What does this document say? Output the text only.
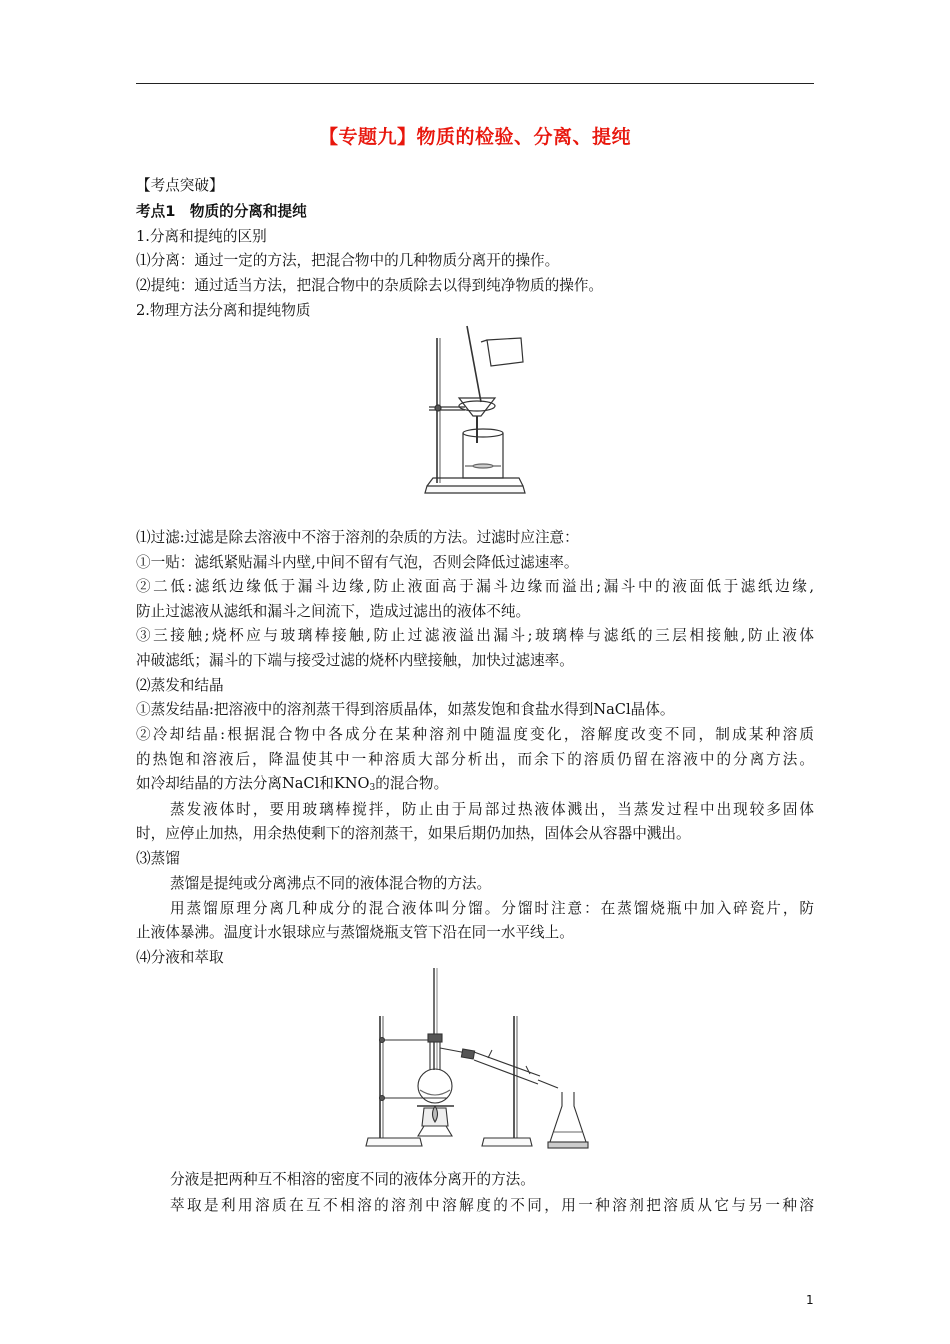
【专题九】物质的检验、分离、提纯
【考点突破】
考点1　物质的分离和提纯
1.分离和提纯的区别
⑴分离：通过一定的方法，把混合物中的几种物质分离开的操作。
⑵提纯：通过适当方法，把混合物中的杂质除去以得到纯净物质的操作。
2.物理方法分离和提纯物质
⑴过滤:过滤是除去溶液中不溶于溶剂的杂质的方法。过滤时应注意：
①一贴：滤纸紧贴漏斗内壁,中间不留有气泡，否则会降低过滤速率。
②二低:滤纸边缘低于漏斗边缘,防止液面高于漏斗边缘而溢出;漏斗中的液面低于滤纸边缘,
防止过滤液从滤纸和漏斗之间流下，造成过滤出的液体不纯。
③三接触;烧杯应与玻璃棒接触,防止过滤液溢出漏斗;玻璃棒与滤纸的三层相接触,防止液体
冲破滤纸；漏斗的下端与接受过滤的烧杯内壁接触，加快过滤速率。
⑵蒸发和结晶
①蒸发结晶:把溶液中的溶剂蒸干得到溶质晶体，如蒸发饱和食盐水得到NaCl晶体。
②冷却结晶:根据混合物中各成分在某种溶剂中随温度变化，溶解度改变不同，制成某种溶质
的热饱和溶液后，降温使其中一种溶质大部分析出，而余下的溶质仍留在溶液中的分离方法。
如冷却结晶的方法分离NaCl和$KNO_3$的混合物。
蒸发液体时，要用玻璃棒搅拌，防止由于局部过热液体溅出，当蒸发过程中出现较多固体
时，应停止加热，用余热使剩下的溶剂蒸干，如果后期仍加热，固体会从容器中溅出。
⑶蒸馏
蒸馏是提纯或分离沸点不同的液体混合物的方法。
用蒸馏原理分离几种成分的混合液体叫分馏。分馏时注意：在蒸馏烧瓶中加入碎瓷片，防
止液体暴沸。温度计水银球应与蒸馏烧瓶支管下沿在同一水平线上。
⑷分液和萃取
分液是把两种互不相溶的密度不同的液体分离开的方法。
萃取是利用溶质在互不相溶的溶剂中溶解度的不同，用一种溶剂把溶质从它与另一种溶
1
